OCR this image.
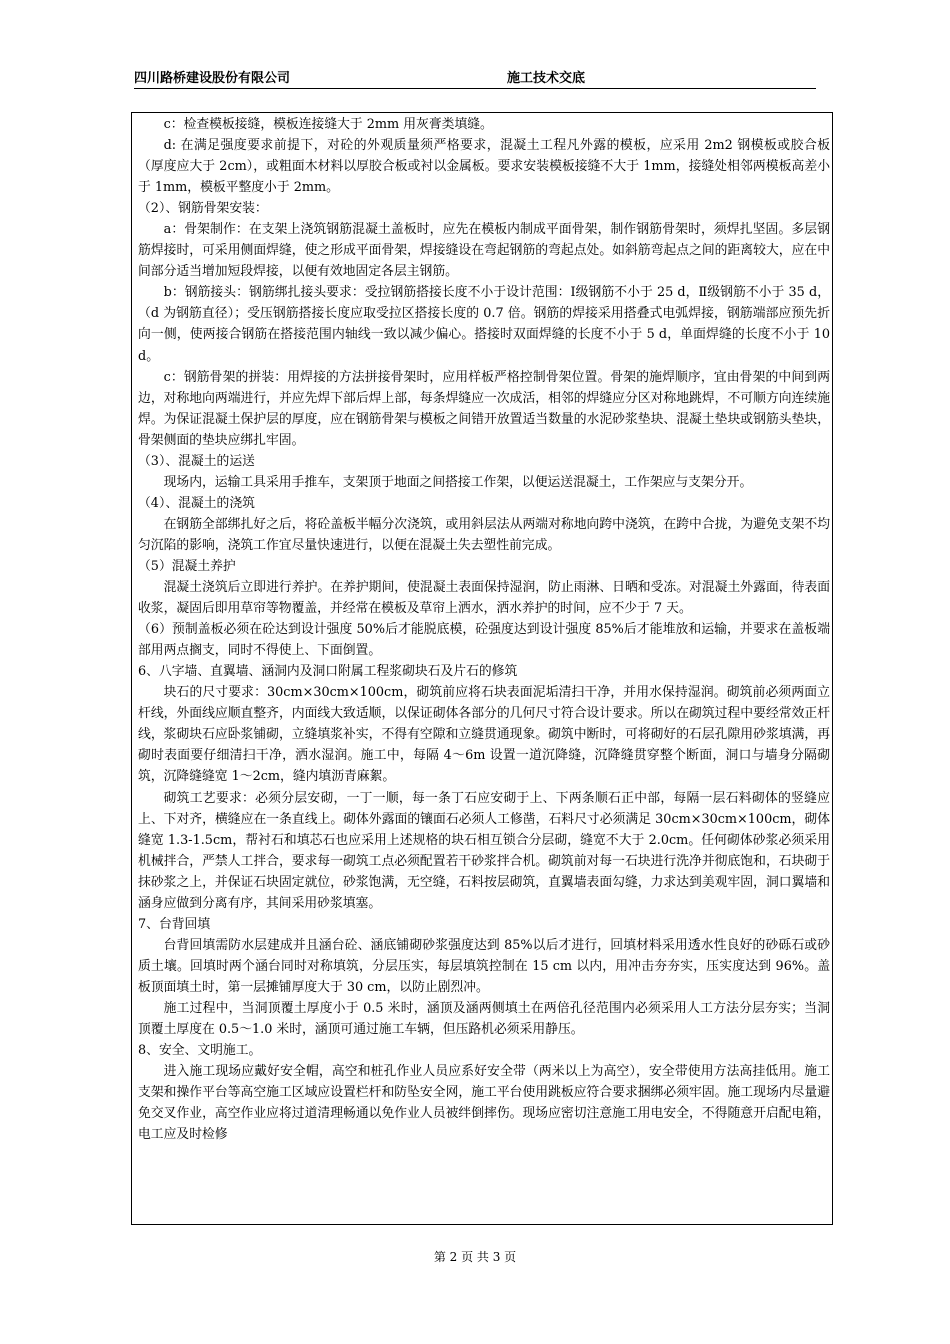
四川路桥建设股份有限公司	施工技术交底

c：检查模板接缝，模板连接缝大于 2mm 用灰膏类填缝。

d: 在满足强度要求前提下，对砼的外观质量须严格要求，混凝土工程凡外露的模板，应采用 2m2 钢模板或胶合板（厚度应大于 2cm），或粗面木材料以厚胶合板或衬以金属板。要求安装模板接缝不大于 1mm，接缝处相邻两模板高差小于 1mm，模板平整度小于 2mm。

（2）、钢筋骨架安装：

a：骨架制作：在支架上浇筑钢筋混凝土盖板时，应先在模板内制成平面骨架，制作钢筋骨架时，须焊扎坚固。多层钢筋焊接时，可采用侧面焊缝，使之形成平面骨架，焊接缝设在弯起钢筋的弯起点处。如斜筋弯起点之间的距离较大，应在中间部分适当增加短段焊接，以便有效地固定各层主钢筋。

b：钢筋接头：钢筋绑扎接头要求：受拉钢筋搭接长度不小于设计范围：Ⅰ级钢筋不小于 25 d，Ⅱ级钢筋不小于 35 d，（d 为钢筋直径）；受压钢筋搭接长度应取受拉区搭接长度的 0.7 倍。钢筋的焊接采用搭叠式电弧焊接，钢筋端部应预先折向一侧，使两接合钢筋在搭接范围内轴线一致以减少偏心。搭接时双面焊缝的长度不小于 5 d，单面焊缝的长度不小于 10 d。

c：钢筋骨架的拼装：用焊接的方法拼接骨架时，应用样板严格控制骨架位置。骨架的施焊顺序，宜由骨架的中间到两边，对称地向两端进行，并应先焊下部后焊上部，每条焊缝应一次成活，相邻的焊缝应分区对称地跳焊，不可顺方向连续施焊。为保证混凝土保护层的厚度，应在钢筋骨架与模板之间错开放置适当数量的水泥砂浆垫块、混凝土垫块或钢筋头垫块，骨架侧面的垫块应绑扎牢固。

（3）、混凝土的运送

现场内，运输工具采用手推车，支架顶于地面之间搭接工作架，以便运送混凝土，工作架应与支架分开。

（4）、混凝土的浇筑

在钢筋全部绑扎好之后，将砼盖板半幅分次浇筑，或用斜层法从两端对称地向跨中浇筑，在跨中合拢，为避免支架不均匀沉陷的影响，浇筑工作宜尽量快速进行，以便在混凝土失去塑性前完成。

（5）混凝土养护

混凝土浇筑后立即进行养护。在养护期间，使混凝土表面保持湿润，防止雨淋、日晒和受冻。对混凝土外露面，待表面收浆，凝固后即用草帘等物覆盖，并经常在模板及草帘上洒水，洒水养护的时间，应不少于 7 天。

（6）预制盖板必须在砼达到设计强度 50%后才能脱底模，砼强度达到设计强度 85%后才能堆放和运输，并要求在盖板端部用两点搁支，同时不得使上、下面倒置。

6、八字墙、直翼墙、涵洞内及洞口附属工程浆砌块石及片石的修筑

块石的尺寸要求：30cm×30cm×100cm，砌筑前应将石块表面泥垢清扫干净，并用水保持湿润。砌筑前必须两面立杆线，外面线应顺直整齐，内面线大致适顺，以保证砌体各部分的几何尺寸符合设计要求。所以在砌筑过程中要经常效正杆线，浆砌块石应卧浆铺砌，立缝填浆补实，不得有空隙和立缝贯通现象。砌筑中断时，可将砌好的石层孔隙用砂浆填满，再砌时表面要仔细清扫干净，洒水湿润。施工中，每隔 4～6m 设置一道沉降缝，沉降缝贯穿整个断面，洞口与墙身分隔砌筑，沉降缝缝宽 1～2cm，缝内填沥青麻絮。

砌筑工艺要求：必须分层安砌，一丁一顺，每一条丁石应安砌于上、下两条顺石正中部，每隔一层石料砌体的竖缝应上、下对齐，横缝应在一条直线上。砌体外露面的镶面石必须人工修凿，石料尺寸必须满足 30cm×30cm×100cm，砌体缝宽 1.3-1.5cm，帮衬石和填芯石也应采用上述规格的块石相互锁合分层砌，缝宽不大于 2.0cm。任何砌体砂浆必须采用机械拌合，严禁人工拌合，要求每一砌筑工点必须配置若干砂浆拌合机。砌筑前对每一石块进行洗净并彻底饱和，石块砌于抹砂浆之上，并保证石块固定就位，砂浆饱满，无空缝，石料按层砌筑，直翼墙表面勾缝，力求达到美观牢固，洞口翼墙和涵身应做到分离有序，其间采用砂浆填塞。

7、台背回填

台背回填需防水层建成并且涵台砼、涵底铺砌砂浆强度达到 85%以后才进行，回填材料采用透水性良好的砂砾石或砂质土壤。回填时两个涵台同时对称填筑，分层压实，每层填筑控制在 15 cm 以内，用冲击夯夯实，压实度达到 96%。盖板顶面填土时，第一层摊铺厚度大于 30 cm，以防止剧烈冲。

施工过程中，当洞顶覆土厚度小于 0.5 米时，涵顶及涵两侧填土在两倍孔径范围内必须采用人工方法分层夯实；当洞顶覆土厚度在 0.5～1.0 米时，涵顶可通过施工车辆，但压路机必须采用静压。

8、安全、文明施工。

进入施工现场应戴好安全帽，高空和桩孔作业人员应系好安全带（两米以上为高空），安全带使用方法高挂低用。施工支架和操作平台等高空施工区域应设置栏杆和防坠安全网，施工平台使用跳板应符合要求捆绑必须牢固。施工现场内尽量避免交叉作业，高空作业应将过道清理畅通以免作业人员被绊倒摔伤。现场应密切注意施工用电安全，不得随意开启配电箱，电工应及时检修

第 2 页 共 3 页
